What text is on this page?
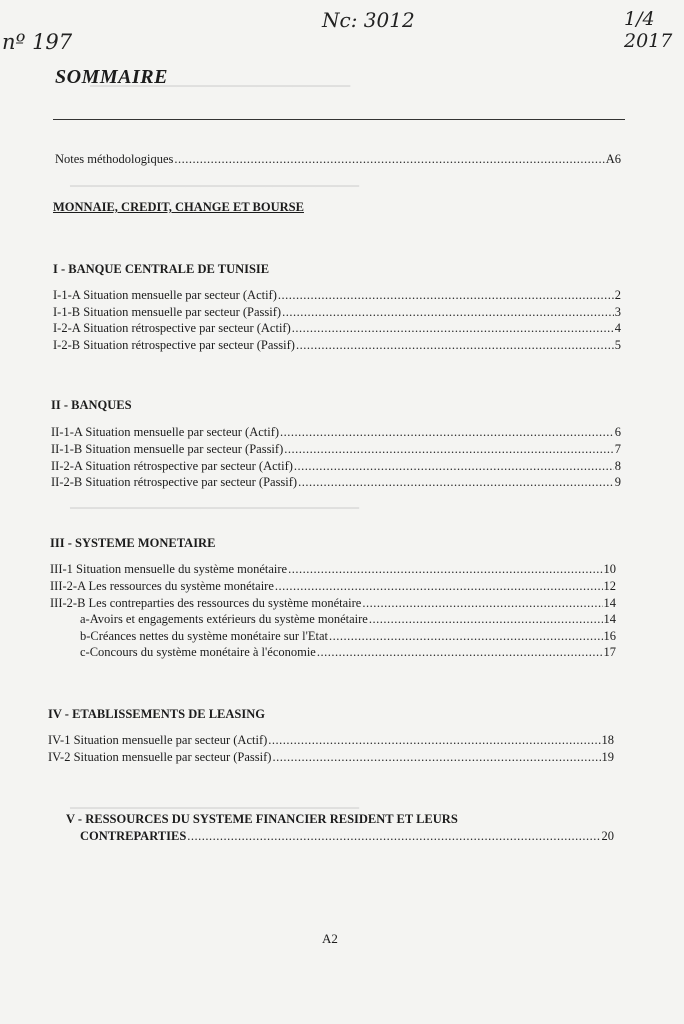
━━━━━━━━━━━━━━━━━━━━━━━━━━━━━━━━━━━━
━━━━━━━━━━━━━━━━━━━━━━━━━━━━━━━━━━━━━━━━
━━━━━━━━━━━━━━━━━━━━━━━━━━━━━━━━━━━━━━━━
━━━━━━━━━━━━━━━━━━━━━━━━━━━━━━━━━━━━━━━━
nº 197
Nc: 3012	1/4
2017
SOMMAIRE
Notes méthodologiques .....	A6
MONNAIE, CREDIT, CHANGE ET BOURSE
I - BANQUE CENTRALE DE TUNISIE
I-1-A Situation mensuelle par secteur (Actif) .....	2
I-1-B Situation mensuelle par secteur (Passif) .....	3
I-2-A Situation rétrospective par secteur (Actif) .....	4
I-2-B Situation rétrospective par secteur (Passif) .....	5
II - BANQUES
II-1-A Situation mensuelle par secteur (Actif) .....	6
II-1-B Situation mensuelle par secteur (Passif) .....	7
II-2-A Situation rétrospective par secteur (Actif) .....	8
II-2-B Situation rétrospective par secteur (Passif) .....	9
III - SYSTEME MONETAIRE
III-1 Situation mensuelle du système monétaire .....	10
III-2-A Les ressources du système monétaire .....	12
III-2-B Les contreparties des ressources du système monétaire .....	14
a-Avoirs et engagements extérieurs du système monétaire .....	14
b-Créances nettes du système monétaire sur l'Etat .....	16
c-Concours du système monétaire à l'économie .....	17
IV - ETABLISSEMENTS DE LEASING
IV-1 Situation mensuelle par secteur (Actif) .....	18
IV-2 Situation mensuelle par secteur (Passif) .....	19
V - RESSOURCES DU SYSTEME FINANCIER RESIDENT ET LEURS
CONTREPARTIES .....	20
A2
